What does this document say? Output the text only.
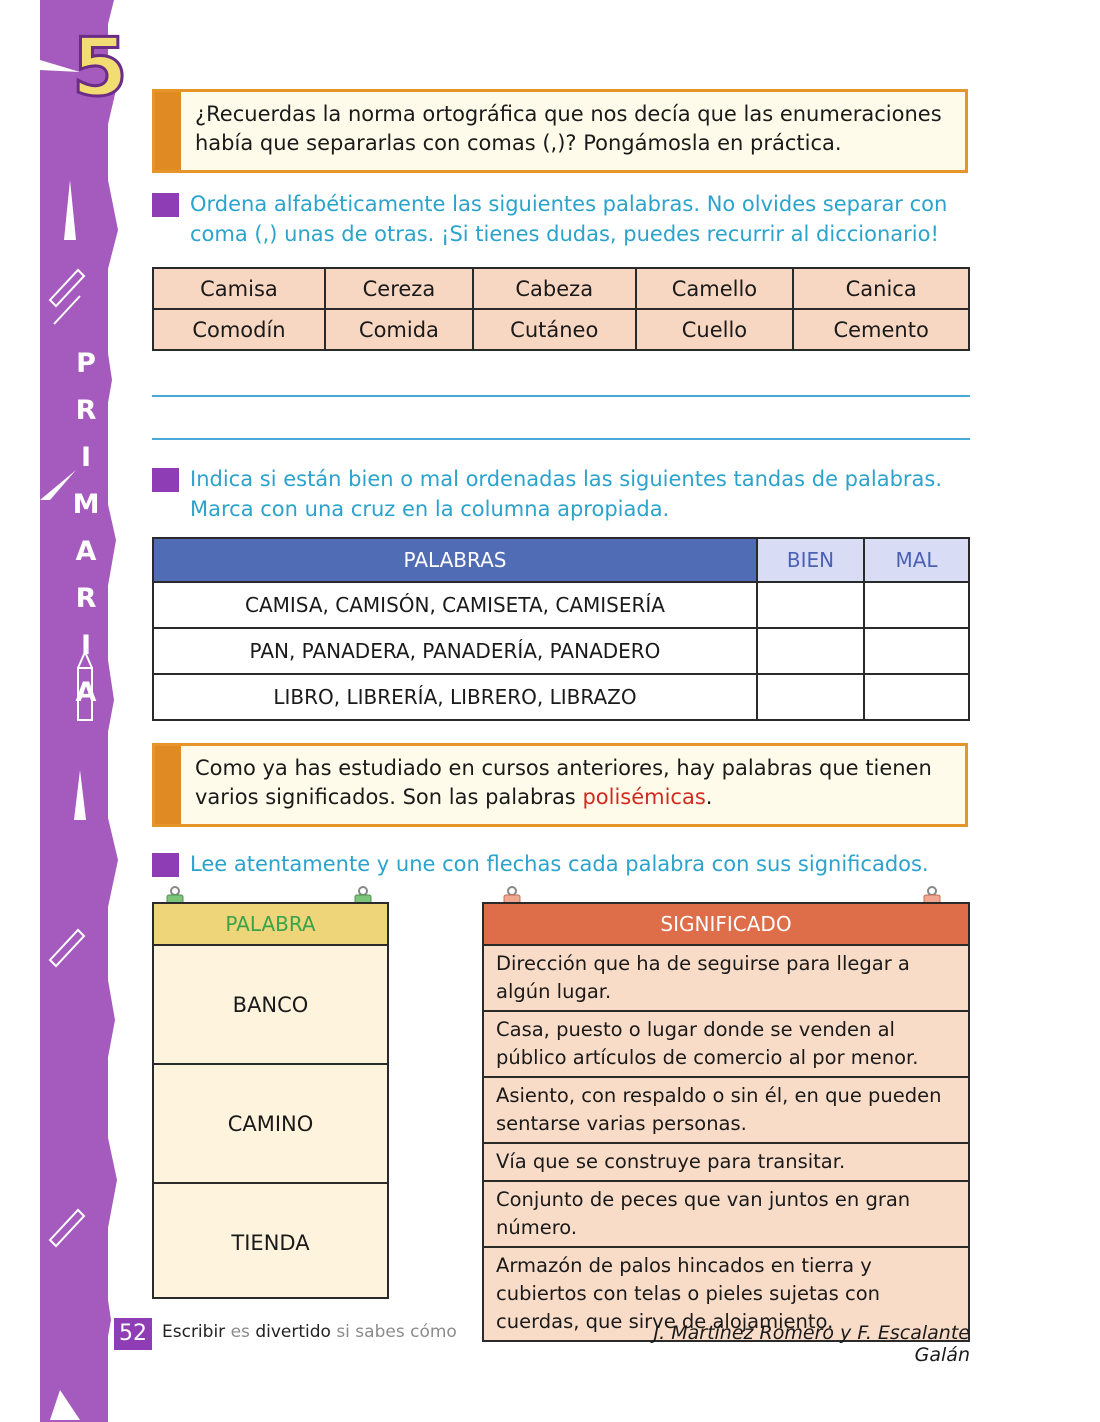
5
P
R
I
M
A
R
I
A
¿Recuerdas la norma ortográfica que nos decía que las enumeraciones había que separarlas con comas (,)? Pongámosla en práctica.
Ordena alfabéticamente las siguientes palabras. No olvides separar con coma (,) unas de otras. ¡Si tienes dudas, puedes recurrir al diccionario!
Camisa	Cereza	Cabeza	Camello	Canica
Comodín	Comida	Cutáneo	Cuello	Cemento
Indica si están bien o mal ordenadas las siguientes tandas de palabras. Marca con una cruz en la columna apropiada.
PALABRAS	BIEN	MAL
CAMISA, CAMISÓN, CAMISETA, CAMISERÍA		
PAN, PANADERA, PANADERÍA, PANADERO		
LIBRO, LIBRERÍA, LIBRERO, LIBRAZO		
Como ya has estudiado en cursos anteriores, hay palabras que tienen varios significados. Son las palabras polisémicas.
Lee atentamente y une con flechas cada palabra con sus significados.
PALABRA
BANCO
CAMINO
TIENDA
SIGNIFICADO
Dirección que ha de seguirse para llegar a algún lugar.
Casa, puesto o lugar donde se venden al público artículos de comercio al por menor.
Asiento, con respaldo o sin él, en que pueden sentarse varias personas.
Vía que se construye para transitar.
Conjunto de peces que van juntos en gran número.
Armazón de palos hincados en tierra y cubiertos con telas o pieles sujetas con cuerdas, que sirve de alojamiento.
52 Escribir es divertido si sabes cómo	J. Martínez Romero y F. Escalante Galán
